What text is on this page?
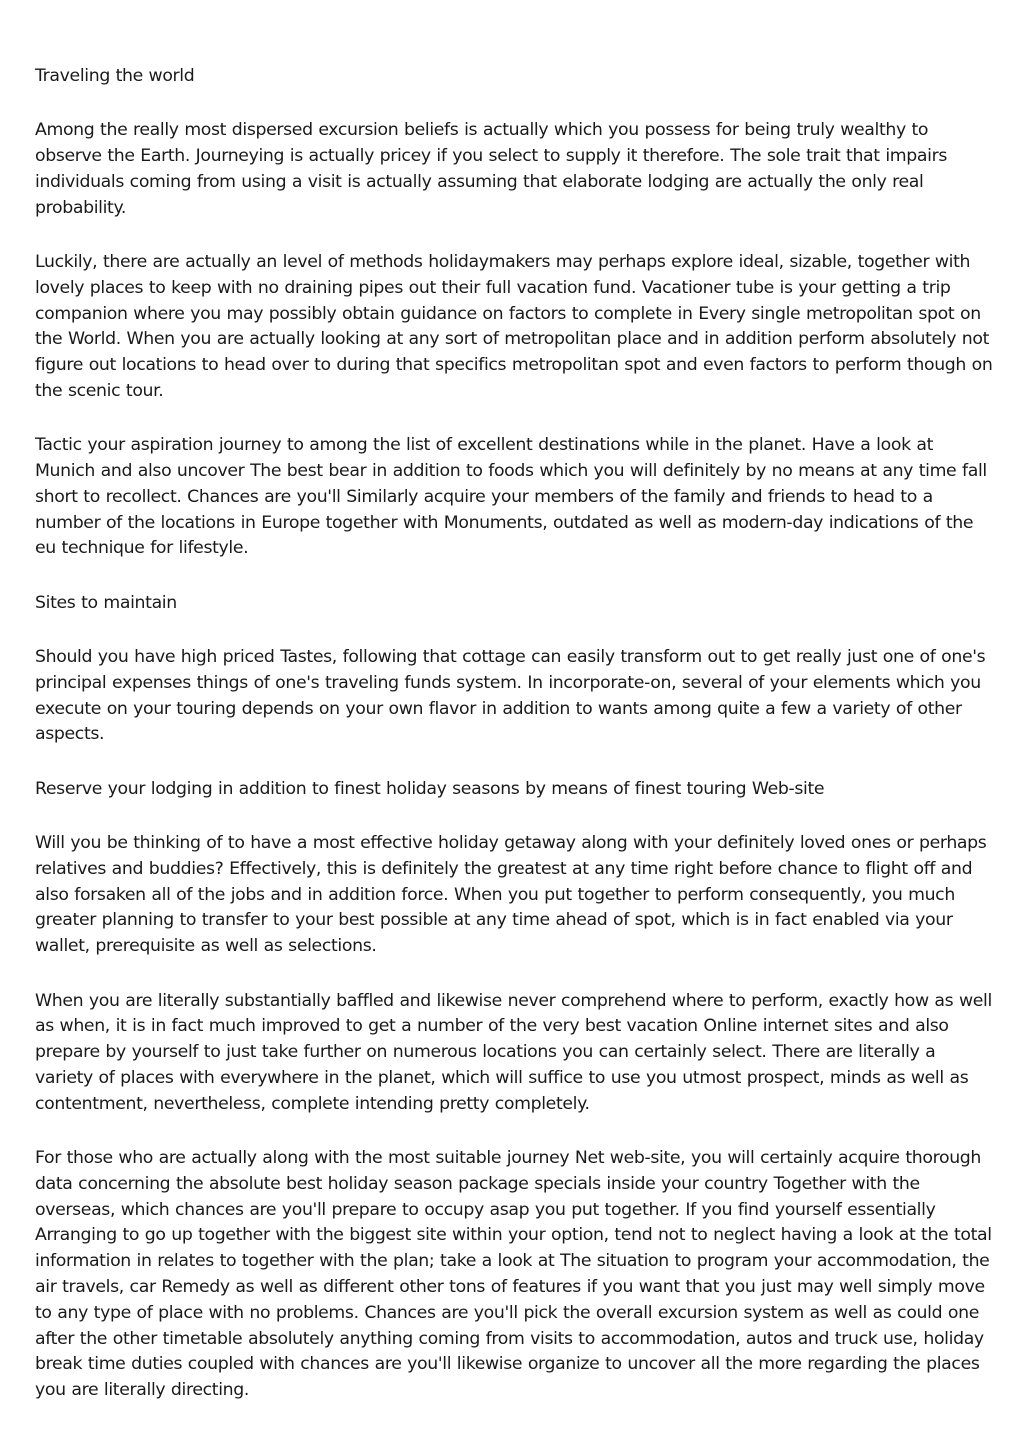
Traveling the world

Among the really most dispersed excursion beliefs is actually which you possess for being truly wealthy to observe the Earth. Journeying is actually pricey if you select to supply it therefore. The sole trait that impairs individuals coming from using a visit is actually assuming that elaborate lodging are actually the only real probability.

Luckily, there are actually an level of methods holidaymakers may perhaps explore ideal, sizable, together with lovely places to keep with no draining pipes out their full vacation fund. Vacationer tube is your getting a trip companion where you may possibly obtain guidance on factors to complete in Every single metropolitan spot on the World. When you are actually looking at any sort of metropolitan place and in addition perform absolutely not figure out locations to head over to during that specifics metropolitan spot and even factors to perform though on the scenic tour.

Tactic your aspiration journey to among the list of excellent destinations while in the planet. Have a look at Munich and also uncover The best bear in addition to foods which you will definitely by no means at any time fall short to recollect. Chances are you'll Similarly acquire your members of the family and friends to head to a number of the locations in Europe together with Monuments, outdated as well as modern-day indications of the eu technique for lifestyle.

Sites to maintain

Should you have high priced Tastes, following that cottage can easily transform out to get really just one of one's principal expenses things of one's traveling funds system. In incorporate-on, several of your elements which you execute on your touring depends on your own flavor in addition to wants among quite a few a variety of other aspects.

Reserve your lodging in addition to finest holiday seasons by means of finest touring Web-site

Will you be thinking of to have a most effective holiday getaway along with your definitely loved ones or perhaps relatives and buddies? Effectively, this is definitely the greatest at any time right before chance to flight off and also forsaken all of the jobs and in addition force. When you put together to perform consequently, you much greater planning to transfer to your best possible at any time ahead of spot, which is in fact enabled via your wallet, prerequisite as well as selections.

When you are literally substantially baffled and likewise never comprehend where to perform, exactly how as well as when, it is in fact much improved to get a number of the very best vacation Online internet sites and also prepare by yourself to just take further on numerous locations you can certainly select. There are literally a variety of places with everywhere in the planet, which will suffice to use you utmost prospect, minds as well as contentment, nevertheless, complete intending pretty completely.

For those who are actually along with the most suitable journey Net web-site, you will certainly acquire thorough data concerning the absolute best holiday season package specials inside your country Together with the overseas, which chances are you'll prepare to occupy asap you put together. If you find yourself essentially Arranging to go up together with the biggest site within your option, tend not to neglect having a look at the total information in relates to together with the plan; take a look at The situation to program your accommodation, the air travels, car Remedy as well as different other tons of features if you want that you just may well simply move to any type of place with no problems. Chances are you'll pick the overall excursion system as well as could one after the other timetable absolutely anything coming from visits to accommodation, autos and truck use, holiday break time duties coupled with chances are you'll likewise organize to uncover all the more regarding the places you are literally directing.
